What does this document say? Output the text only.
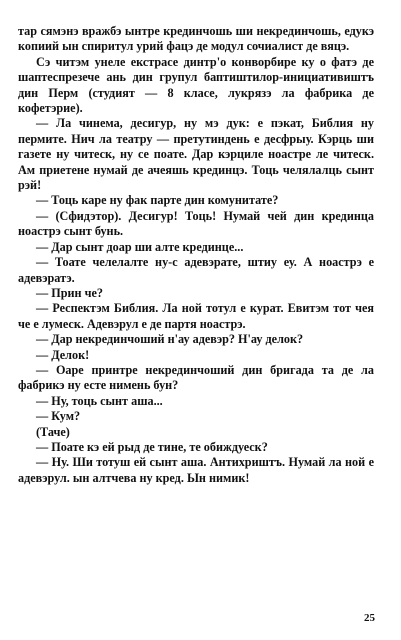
тар сямэнэ вражбэ ынтре крединчошь ши некрединчошь, едукэ копиий ын спиритул урий фацэ де модул сочиалист де вяцэ.

Сэ читэм унеле екстрасе динтр'о конворбире ку о фатэ де шаптеспрезече ань дин групул баптиштилор-инициативиштъ дин Перм (студият — 8 класе, лукрязэ ла фабрика де кофетэрие).

— Ла чинема, десигур, ну мэ дук: е пэкат, Библия ну пермите. Нич ла театру — претутиндень е десфрыу. Кэрць ши газете ну читеск, ну се поате. Дар кэрциле ноастре ле читеск. Ам приетене нумай де ачеяшь крединцэ. Тоць челялалць сынт рэй!

— Тоць каре ну фак парте дин комунитате?

— (Сфидэтор). Десигур! Тоць! Нумай чей дин крединца ноастрэ сынт бунь.

— Дар сынт доар ши алте крединце...

— Тоате челелалте ну-с адевэрате, штиу еу. А ноастрэ е адевэратэ.

— Прин че?

— Респектэм Библия. Ла ной тотул е курат. Евитэм тот чея че е лумеск. Адевэрул е де партя ноастрэ.

— Дар некрединчоший н'ау адевэр? Н'ау делок?

— Делок!

— Оаре принтре некрединчоший дин бригада та де ла фабрикэ ну есте нимень бун?

— Ну, тоць сынт аша...

— Кум?

(Таче)

— Поате кэ ей рыд де тине, те обиждуеск?

— Ну. Ши тотуш ей сынт аша. Антихриштъ. Нумай ла ной е адевэрул. ын алтчева ну кред. Ын нимик!

25
